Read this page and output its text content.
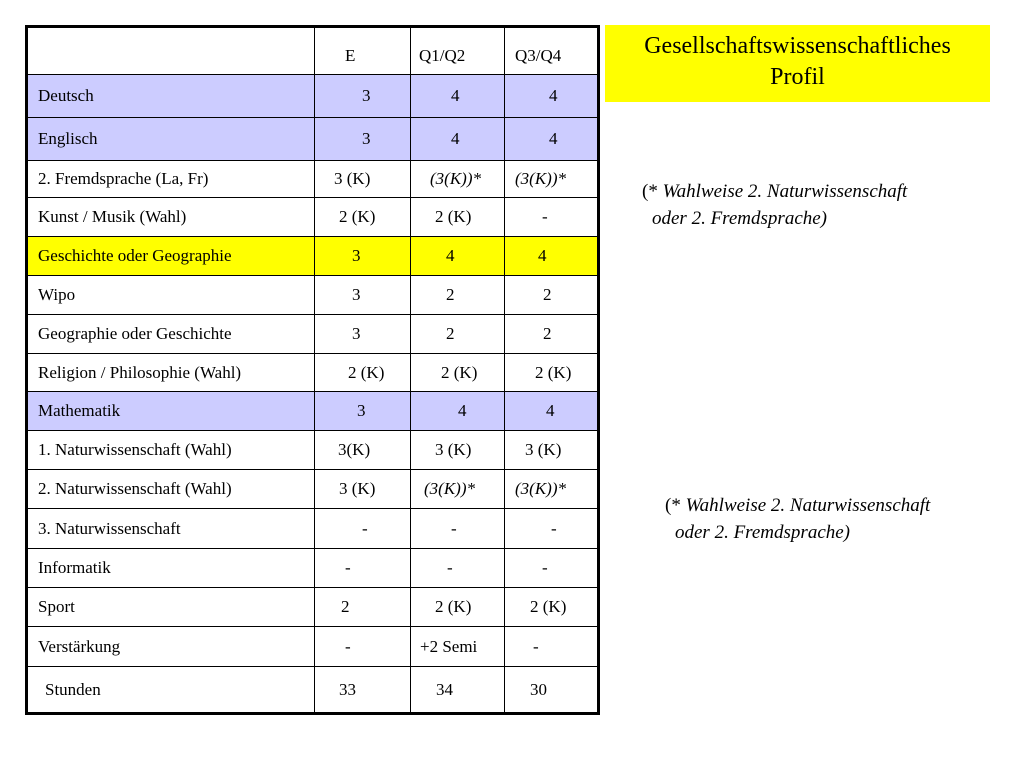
	E	Q1/Q2	Q3/Q4

Deutsch	3	4	4

Englisch	3	4	4

2. Fremdsprache (La, Fr)	3 (K)	(3(K))*	(3(K))*

Kunst / Musik (Wahl)	2 (K)	2 (K)	-

Geschichte oder Geographie	3	4	4

Wipo	3	2	2

Geographie oder Geschichte	3	2	2

Religion / Philosophie (Wahl)	2 (K)	2 (K)	2 (K)

Mathematik	3	4	4

1. Naturwissenschaft (Wahl)	3(K)	3 (K)	3 (K)

2. Naturwissenschaft (Wahl)	3 (K)	(3(K))*	(3(K))*

3. Naturwissenschaft	-	-	-

Informatik	-	-	-

Sport	2	2 (K)	2 (K)

Verstärkung	-	+2 Semi	-

Stunden	33	34	30
Gesellschaftswissenschaftliches
Profil
(* Wahlweise 2. Naturwissenschaft
oder 2. Fremdsprache)
(* Wahlweise 2. Naturwissenschaft
oder 2. Fremdsprache)
